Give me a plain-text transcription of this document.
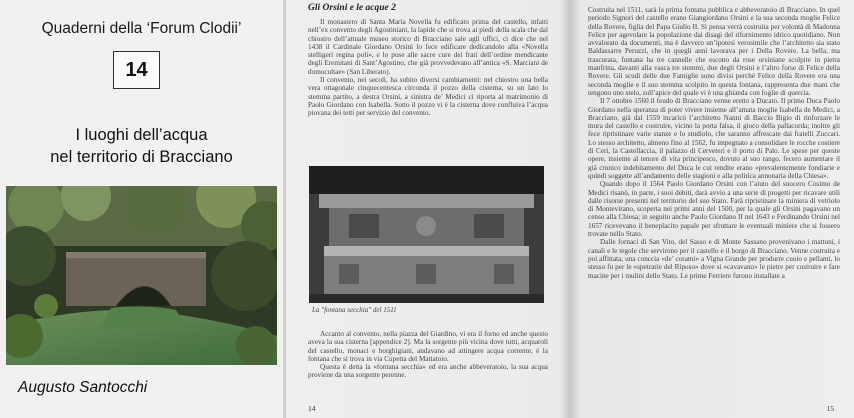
Quaderni della ‘Forum Clodii’
14
I luoghi dell’acqua
nel territorio di Bracciano
Augusto Santocchi
Gli Orsini e le acque 2

Il monastero di Santa Maria Novella fu edificato prima del castello, infatti nell’ex convento degli Agostiniani, la lapide che si trova ai piedi della scala che dal chiostro dell’attuale museo storico di Bracciano sale agli uffici, ci dice che nel 1438 il Cardinale Giordano Orsini lo fece edificare dedicandolo alla «Novella stelligeri regina poli», e lo pose alle sacre cure dei frati dell’ordine mendicante degli Eremitani di Sant’Agostino, che già provvedevano all’antica «S. Marciani de domocultae» (San Liberato).

Il convento, nei secoli, ha subito diversi cambiamenti: nel chiostro una bella vera ottagonale cinquecentesca circonda il pozzo della cisterna, su un lato lo stemma partito, a destra Orsini, a sinistra de’ Medici ci riporta al matrimonio di Paolo Giordano con Isabella. Sotto il pozzo vi è la cisterna dove confluiva l’acqua piovana dei tetti per servizio del convento.

La "fontana secchia" del 1511

Accanto al convento, nella piazza del Giardino, vi era il forno ed anche questo aveva la sua cisterna [appendice 2]. Ma la sorgente più vicina dove tutti, acquaroli del castello, monaci e borghigiani, andavano ad attingere acqua corrente, è la fontana che si trova in via Cupetta del Mattatoio.

Questa è detta la «fontana secchia» ed era anche abbeveratoio, la sua acqua proviene da una sorgente perenne.

14

Costruita nel 1511, sarà la prima fontana pubblica e abbeveratoio di Bracciano. In quel periodo Signori del castello erano Giangiordano Orsini e la sua seconda moglie Felice della Rovere, figlia del Papa Giulio II. Si pensa verrà costruita per volontà di Madonna Felice per agevolare la popolazione dai disagi del rifornimento idrico quotidiano. Non avvalorato da documenti, ma è davvero un’ipotesi verosimile che l’architetto sia stato Baldassarre Peruzzi, che in quegli anni lavorava per i Della Rovere. La bella, ma trascurata, fontana ha tre cannelle che escono da rose orsiniane scolpite in pietra manfrina, davanti alla vasca tre stemmi, due degli Orsini e l’altro forse di Felice della Rovere. Gli scudi delle due Famiglie sono divisi perché Felice della Rovere era una seconda moglie e il suo stemma scolpito in questa fontana, rappresenta due mani che tengono uno stelo, sull’apice del quale vi è una ghianda con foglie di quercia.

Il 7 ottobre 1560 il feudo di Bracciano venne eretto a Ducato. Il primo Duca Paolo Giordano nella speranza di poter vivere insieme all’amata moglie Isabella de Medici, a Bracciano, già dal 1559 incaricò l’architetto Nanni di Baccio Bigio di rinforzare le mura del castello e costruire, vicino la porta falsa, il gioco della pallacorda; inoltre gli fece ripristinare varie stanze e lo studiolo, che saranno affrescate dai fratelli Zuccari. Lo stesso architetto, almeno fino al 1562, fu impegnato a consolidare le rocche costiere di Ceri, la Castellaccia, il palazzo di Cerveteri e il porto di Palo. Le spese per queste opere, insieme al tenore di vita principesco, dovuto al suo rango, fecero aumentare il già cronico indebitamento del Duca le cui rendite erano «prevalentemente fondiarie e quindi soggette all’andamento delle stagioni e alla politica annonaria della Chiesa».

Quando dopo il 1564 Paolo Giordano Orsini con l’aiuto del suocero Cosimo de Medici risanò, in parte, i suoi debiti, darà avvio a una serie di progetti per ricavare utili dalle risorse presenti nel territorio del suo Stato. Farà ripristinare la miniera di vetriolo di Montevirano, scoperta nei primi anni del 1500, per la quale gli Orsini pagavano un censo alla Chiesa; in seguito anche Paolo Giordano II nel 1643 e Ferdinando Orsini nel 1657 ricevevano il beneplacito papale per sfruttare le eventuali miniere che si fossero trovate nello Stato.

Dalle fornaci di San Vito, del Sasso e di Monte Sassano provenivano i mattoni, i canali e le tegole che servirono per il castello e il borgo di Bracciano. Venne costruita e poi affittata, una conccia «de’ corami» a Vigna Grande per produrre cuoio e pellami, lo stesso fu per le «spetrarie del Riposo» dove si «cavavano» le pietre per costruire e fare macine per i mulini dello Stato. Le prime Ferriere furono installate a

15
